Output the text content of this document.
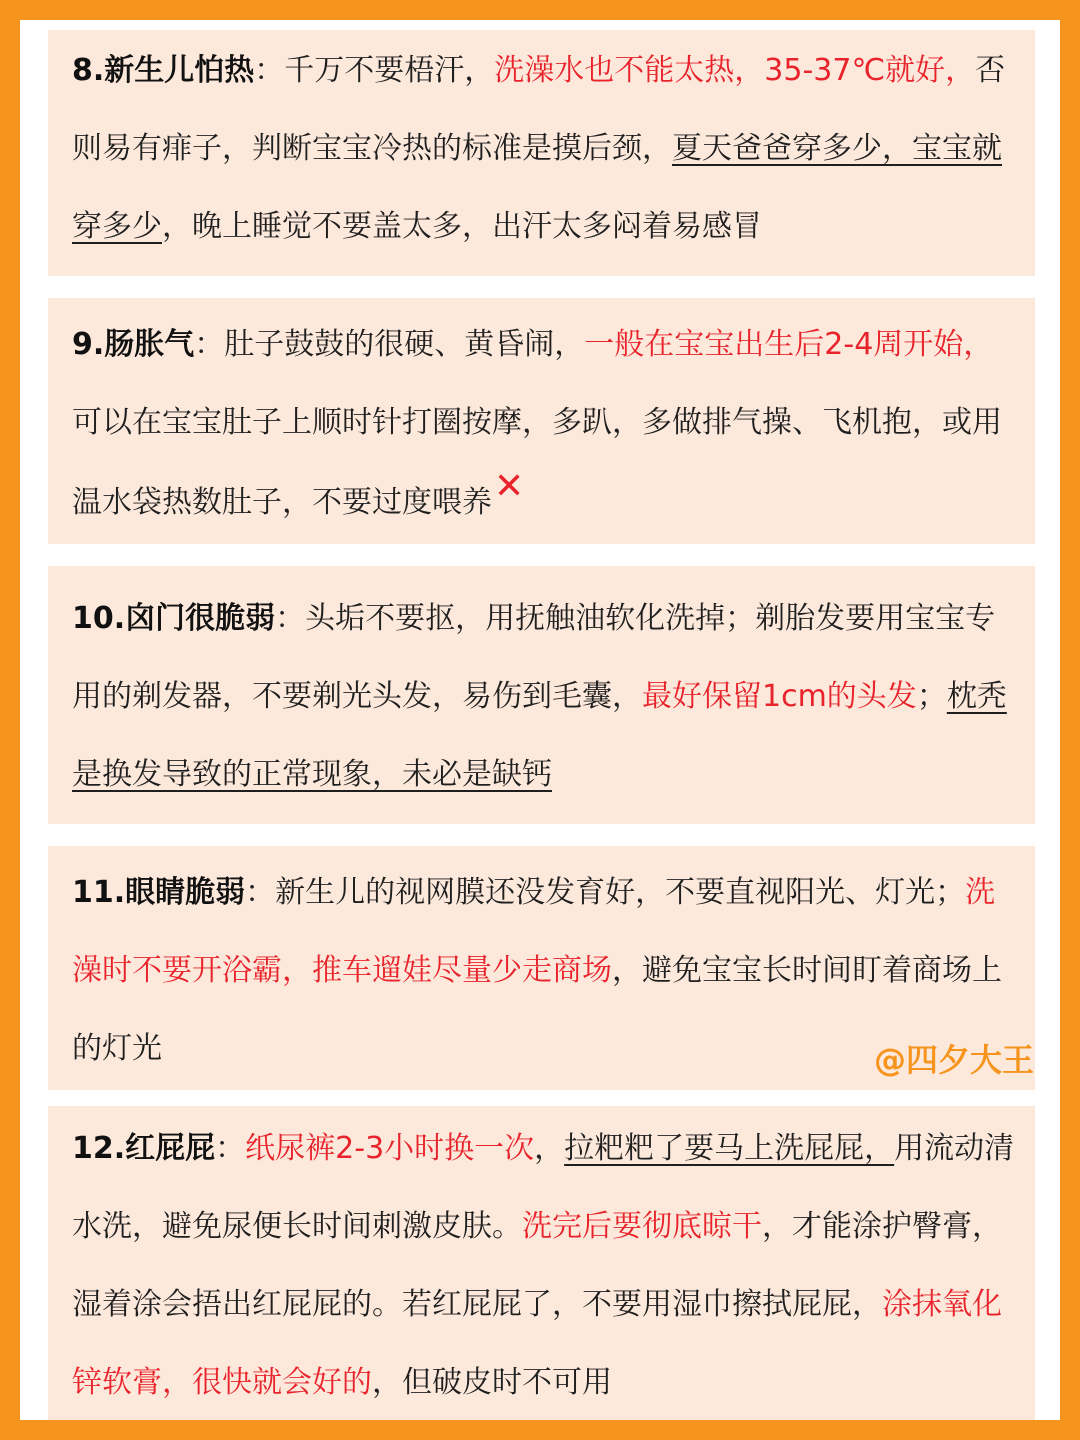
8.新生儿怕热：千万不要梧汗，洗澡水也不能太热，35-37℃就好，否则易有痱子，判断宝宝冷热的标准是摸后颈，夏天爸爸穿多少，宝宝就穿多少，晚上睡觉不要盖太多，出汗太多闷着易感冒

9.肠胀气：肚子鼓鼓的很硬、黄昏闹，一般在宝宝出生后2-4周开始，可以在宝宝肚子上顺时针打圈按摩，多趴，多做排气操、飞机抱，或用温水袋热数肚子，不要过度喂养✕

10.囟门很脆弱：头垢不要抠，用抚触油软化洗掉；剃胎发要用宝宝专用的剃发器，不要剃光头发，易伤到毛囊，最好保留1cm的头发；枕秃是换发导致的正常现象，未必是缺钙

11.眼睛脆弱：新生儿的视网膜还没发育好，不要直视阳光、灯光；洗澡时不要开浴霸，推车遛娃尽量少走商场，避免宝宝长时间盯着商场上的灯光	@四夕大王

12.红屁屁：纸尿裤2-3小时换一次，拉粑粑了要马上洗屁屁，用流动清水洗，避免尿便长时间刺激皮肤。洗完后要彻底晾干，才能涂护臀膏，湿着涂会捂出红屁屁的。若红屁屁了，不要用湿巾擦拭屁屁，涂抹氧化锌软膏，很快就会好的，但破皮时不可用
